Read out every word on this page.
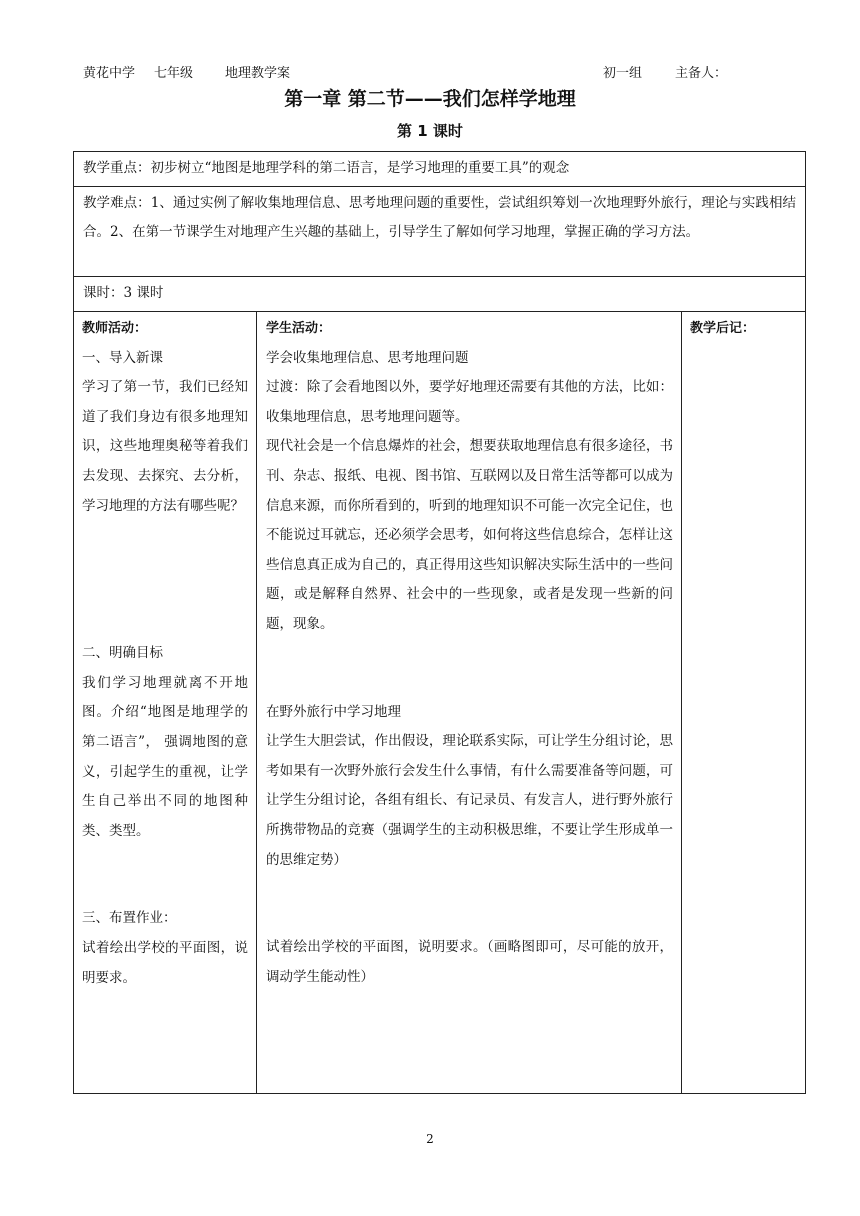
黄花中学 七年级 地理教学案	初一组	主备人：
第一章 第二节——我们怎样学地理
第 1 课时
教学重点：初步树立“地图是地理学科的第二语言，是学习地理的重要工具”的观念
教学难点：1、通过实例了解收集地理信息、思考地理问题的重要性，尝试组织筹划一次地理野外旅行，理论与实践相结合。2、在第一节课学生对地理产生兴趣的基础上，引导学生了解如何学习地理，掌握正确的学习方法。
课时：3 课时
教师活动：
一、导入新课
学习了第一节，我们已经知道了我们身边有很多地理知识，这些地理奥秘等着我们去发现、去探究、去分析，学习地理的方法有哪些呢？
二、明确目标
我们学习地理就离不开地图。介绍“地图是地理学的第二语言”， 强调地图的意义，引起学生的重视，让学生自己举出不同的地图种类、类型。
三、布置作业：
试着绘出学校的平面图，说明要求。
学生活动：
学会收集地理信息、思考地理问题
过渡：除了会看地图以外，要学好地理还需要有其他的方法，比如：收集地理信息，思考地理问题等。
现代社会是一个信息爆炸的社会，想要获取地理信息有很多途径，书刊、杂志、报纸、电视、图书馆、互联网以及日常生活等都可以成为信息来源，而你所看到的，听到的地理知识不可能一次完全记住，也不能说过耳就忘，还必须学会思考，如何将这些信息综合，怎样让这些信息真正成为自己的，真正得用这些知识解决实际生活中的一些问题，或是解释自然界、社会中的一些现象，或者是发现一些新的问题，现象。
在野外旅行中学习地理
让学生大胆尝试，作出假设，理论联系实际，可让学生分组讨论，思考如果有一次野外旅行会发生什么事情，有什么需要准备等问题，可让学生分组讨论，各组有组长、有记录员、有发言人，进行野外旅行所携带物品的竞赛（强调学生的主动积极思维，不要让学生形成单一的思维定势）
试着绘出学校的平面图，说明要求。（画略图即可，尽可能的放开，调动学生能动性）
教学后记：
2
